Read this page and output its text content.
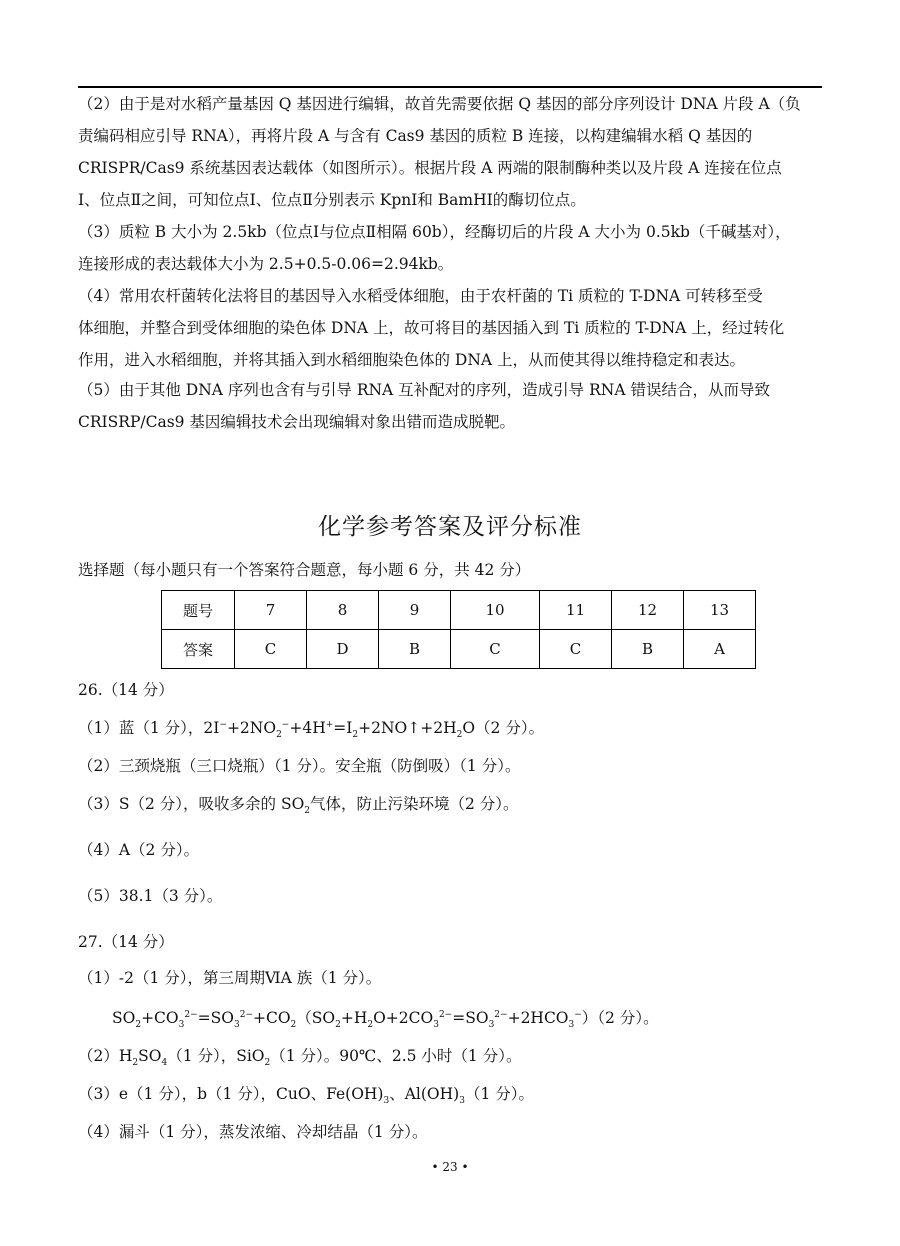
（2）由于是对水稻产量基因 Q 基因进行编辑，故首先需要依据 Q 基因的部分序列设计 DNA 片段 A（负
责编码相应引导 RNA），再将片段 A 与含有 Cas9 基因的质粒 B 连接，以构建编辑水稻 Q 基因的
CRISPR/Cas9 系统基因表达载体（如图所示）。根据片段 A 两端的限制酶种类以及片段 A 连接在位点
Ⅰ、位点Ⅱ之间，可知位点Ⅰ、位点Ⅱ分别表示 KpnⅠ和 BamHⅠ的酶切位点。
（3）质粒 B 大小为 2.5kb（位点Ⅰ与位点Ⅱ相隔 60b），经酶切后的片段 A 大小为 0.5kb（千碱基对），
连接形成的表达载体大小为 2.5+0.5-0.06=2.94kb。
（4）常用农杆菌转化法将目的基因导入水稻受体细胞，由于农杆菌的 Ti 质粒的 T-DNA 可转移至受
体细胞，并整合到受体细胞的染色体 DNA 上，故可将目的基因插入到 Ti 质粒的 T-DNA 上，经过转化
作用，进入水稻细胞，并将其插入到水稻细胞染色体的 DNA 上，从而使其得以维持稳定和表达。
（5）由于其他 DNA 序列也含有与引导 RNA 互补配对的序列，造成引导 RNA 错误结合，从而导致
CRISRP/Cas9 基因编辑技术会出现编辑对象出错而造成脱靶。
化学参考答案及评分标准
选择题（每小题只有一个答案符合题意，每小题 6 分，共 42 分）
题号	7	8	9	10	11	12	13
答案	C	D	B	C	C	B	A
26.（14 分）
（1）蓝（1 分），$2I^-+2NO_2^-+4H^+=I_2+2NO↑+2H_2O(2$ 分）。
（2）三颈烧瓶（三口烧瓶）（1 分）。安全瓶（防倒吸）（1 分）。
（3）S（2 分），吸收多余的 $SO_2$气体，防止污染环境（2 分）。
（4）A（2 分）。
（5）38.1（3 分）。
27.（14 分）
（1）-2（1 分），第三周期ⅥA 族（1 分）。
$SO_2+CO_3^{2-}=SO_3^{2-}+CO_2(SO_2+H_2O+2CO_3^{2-}=SO_3^{2-}+2HCO_3^-)(2$ 分）。
$(2)H_2SO_4(1$ 分），SiO$_2$（1 分）。90℃、2.5 小时（1 分）。
（3）e（1 分），b（1 分），CuO、$Fe(OH)_3$、$Al(OH)_3(1$ 分）。
（4）漏斗（1 分），蒸发浓缩、冷却结晶（1 分）。
• 23 •
